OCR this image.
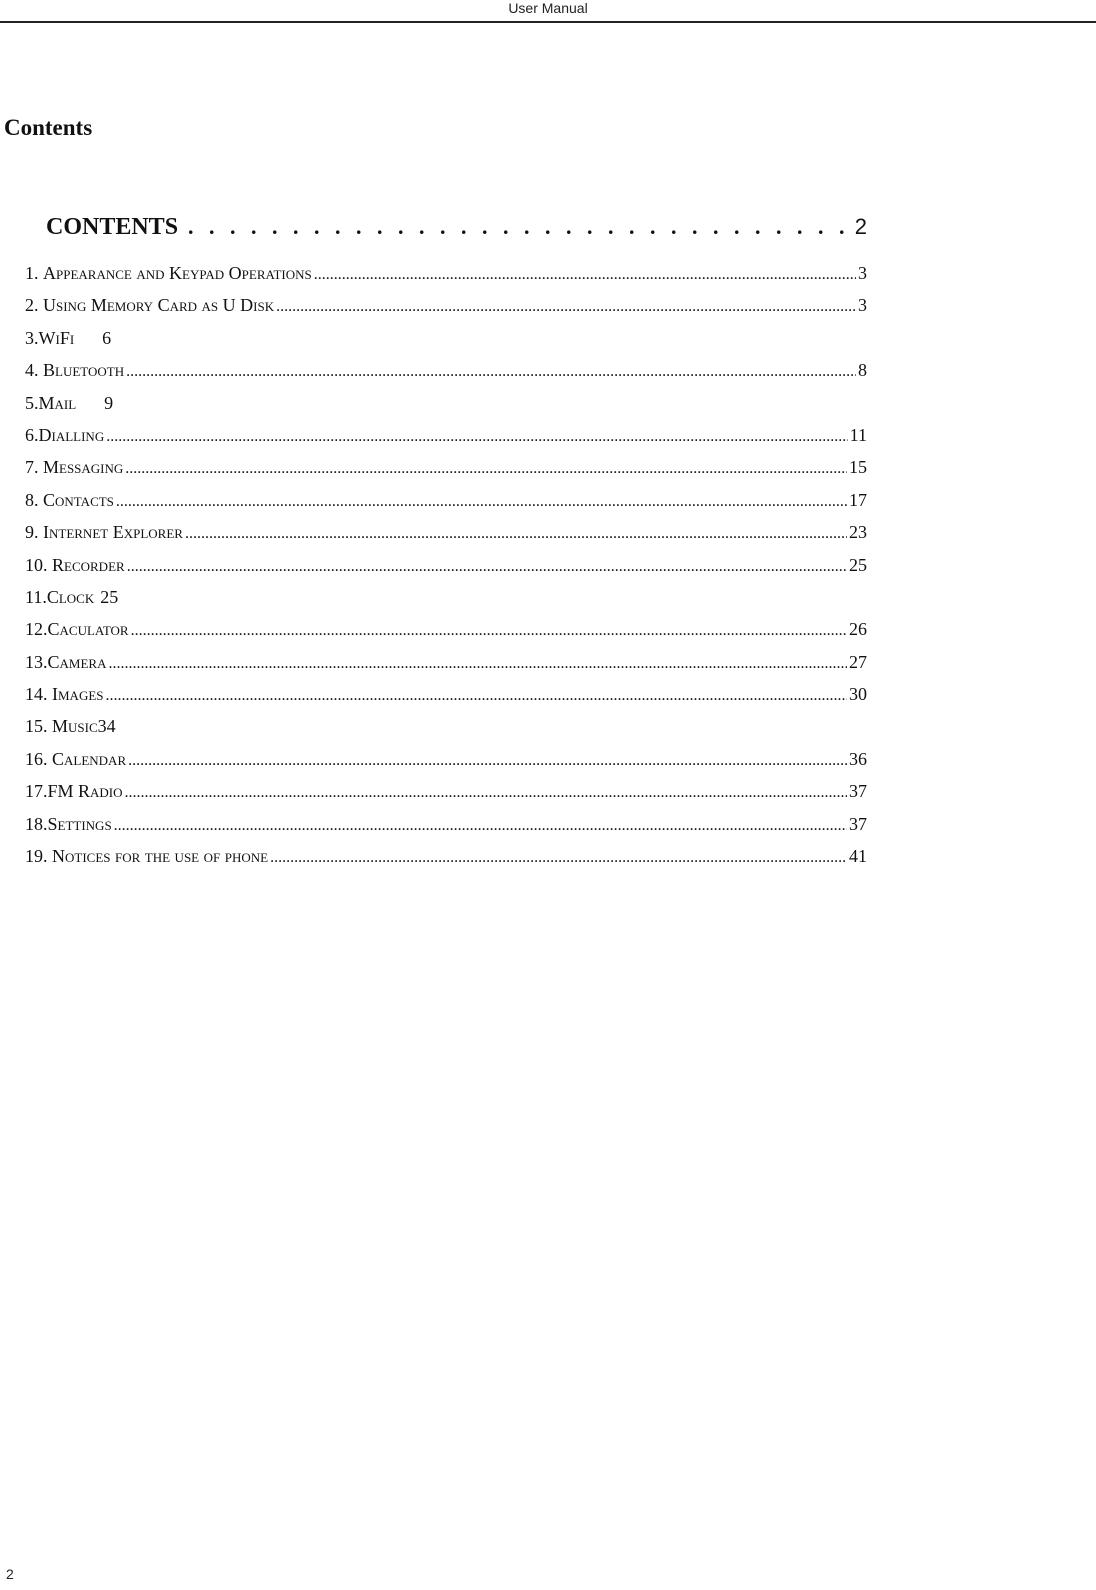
User Manual
Contents
CONTENTS . . .	2
1. Appearance and Keypad Operations .....	3
2. Using Memory Card as U Disk .....	3
3.WiFi 6
4. Bluetooth .....	8
5.Mail 9
6.Dialling .....	11
7. Messaging .....	15
8. Contacts .....	17
9. Internet Explorer .....	23
10. Recorder .....	25
11.Clock 25
12.Caculator .....	26
13.Camera .....	27
14. Images .....	30
15. Music 34
16. Calendar .....	36
17.FM Radio .....	37
18.Settings .....	37
19. Notices for the use of phone .....	41
2
